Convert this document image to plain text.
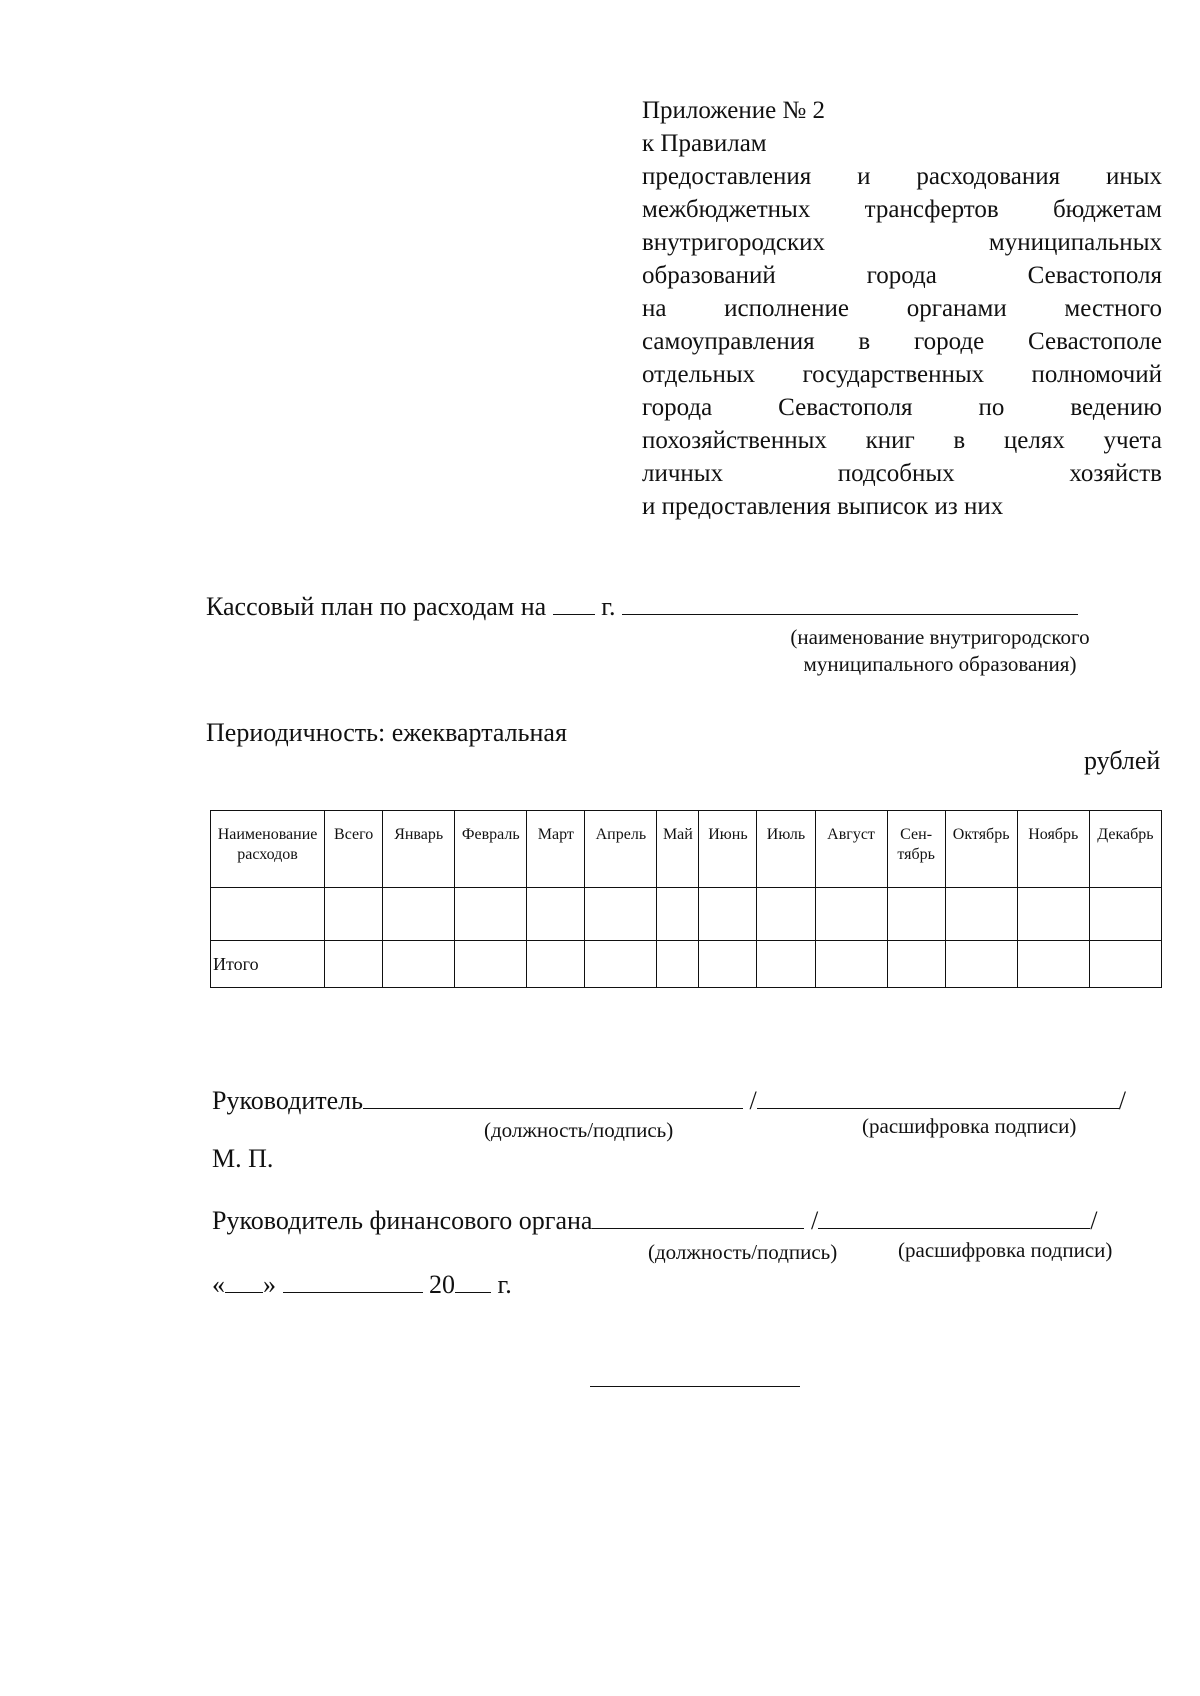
Приложение № 2
к Правилам
предоставления и расходования иных
межбюджетных трансфертов бюджетам
внутригородских муниципальных
образований города Севастополя
на исполнение органами местного
самоуправления в городе Севастополе
отдельных государственных полномочий
города Севастополя по ведению
похозяйственных книг в целях учета
личных подсобных хозяйств
и предоставления выписок из них
Кассовый план по расходам на г.
(наименование внутригородского муниципального образования)
Периодичность: ежеквартальная
рублей
Наименование расходов	Всего	Январь	Февраль	Март	Апрель	Май	Июнь	Июль	Август	Сен-тябрь	Октябрь	Ноябрь	Декабрь

Итого													
Руководитель	/	/
(должность/подпись)	(расшифровка подписи)
М. П.
Руководитель финансового органа	/	/
(должность/подпись)	(расшифровка подписи)
« »	20 г.
